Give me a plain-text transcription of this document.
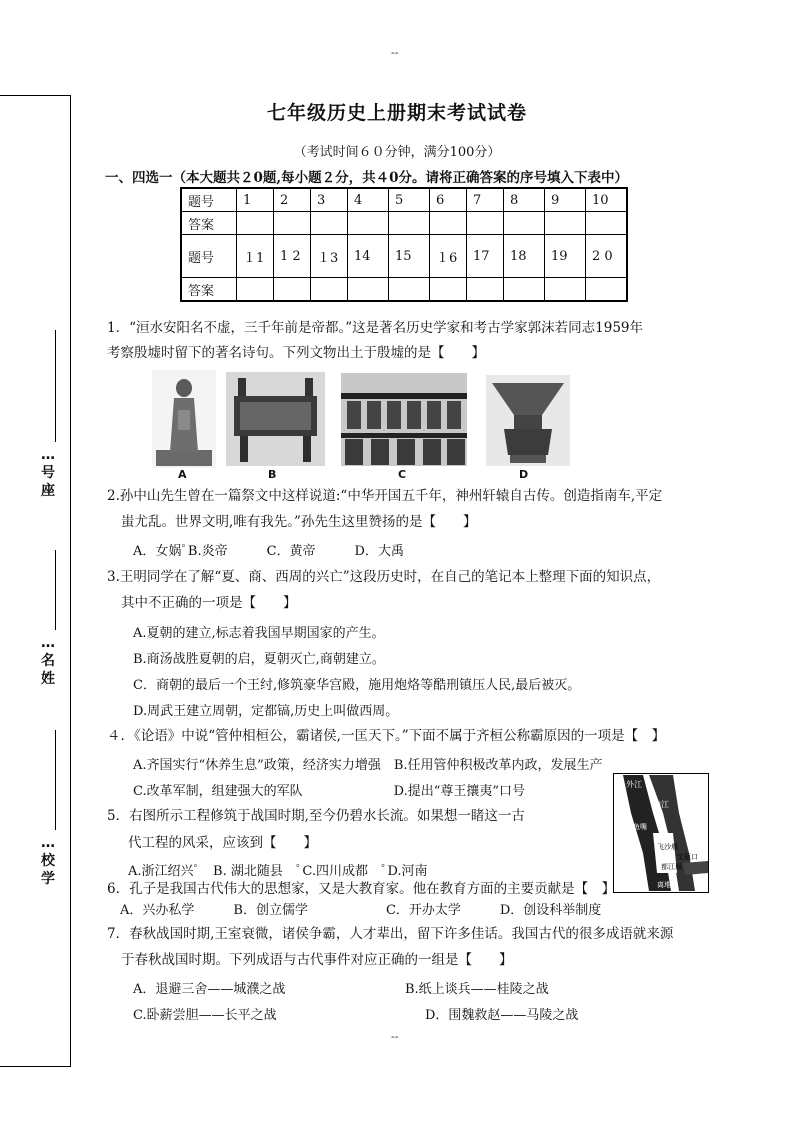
--
--
…号座
…名姓
…校学
七年级历史上册期末考试试卷
（考试时间６０分钟，满分100分）
一、四选一（本大题共２0题,每小题２分，共４0分。请将正确答案的序号填入下表中）
题号	1	2	3	4	5	6	7	8	9	10
答案										
题号	１1	1 2	１3	14	15	１6	17	18	19	2 0
答案										
1．“洹水安阳名不虚，三千年前是帝都。”这是著名历史学家和考古学家郭沫若同志1959年
考察殷墟时留下的著名诗句。下列文物出土于殷墟的是【　　】
A	B	C	D
2.孙中山先生曾在一篇祭文中这样说道:“中华开国五千年，神州轩辕自古传。创造指南车,平定
蚩尤乱。世界文明,唯有我先。”孙先生这里赞扬的是【　　】
A．女娲ﾟB.炎帝　　　C．黄帝　　　D．大禹
3.王明同学在了解“夏、商、西周的兴亡”这段历史时，在自己的笔记本上整理下面的知识点，
其中不正确的一项是【　　】
A.夏朝的建立,标志着我国早期国家的产生。
B.商汤战胜夏朝的启，夏朝灭亡,商朝建立。
C．商朝的最后一个王纣,修筑豪华宫殿，施用炮烙等酷刑镇压人民,最后被灭。
D.周武王建立周朝，定都镐,历史上叫做西周。
４．《论语》中说“管仲相桓公，霸诸侯,一匡天下。”下面不属于齐桓公称霸原因的一项是【　】
A.齐国实行“休养生息”政策，经济实力增强　B.任用管仲积极改革内政，发展生产
C.改革军制，组建强大的军队　　　　　　　D.提出“尊王攘夷”口号
5．右图所示工程修筑于战国时期,至今仍碧水长流。如果想一睹这一古
代工程的风采，应该到【　　】
A.浙江绍兴ﾟ　B. 湖北随县　ﾟC.四川成都　ﾟD.河南
外江
内江
飞沙堰
鱼嘴
宝瓶口
离堆
都江堰
江
6．孔子是我国古代伟大的思想家，又是大教育家。他在教育方面的主要贡献是【　】
A．兴办私学　　　B．创立儒学　　　　　　C．开办太学　　　D．创设科举制度
7．春秋战国时期,王室衰微，诸侯争霸，人才辈出，留下许多佳话。我国古代的很多成语就来源
于春秋战国时期。下列成语与古代事件对应正确的一组是【　　】
A．退避三舍——城濮之战	B.纸上谈兵——桂陵之战
C.卧薪尝胆——长平之战	D．围魏救赵——马陵之战
